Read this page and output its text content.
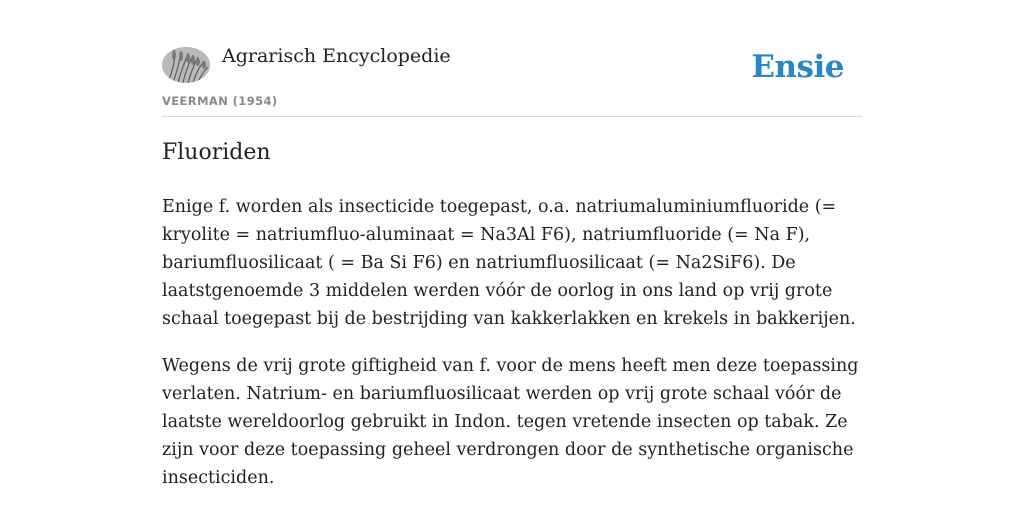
Agrarisch Encyclopedie
VEERMAN (1954)
Ensie
Fluoriden

Enige f. worden als insecticide toegepast, o.a. natriumaluminiumfluoride (= kryolite = natriumfluo-aluminaat = Na3Al F6), natriumfluoride (= Na F), bariumfluosilicaat ( = Ba Si F6) en natriumfluosilicaat (= Na2SiF6). De laatstgenoemde 3 middelen werden vóór de oorlog in ons land op vrij grote schaal toegepast bij de bestrijding van kakkerlakken en krekels in bakkerijen.

Wegens de vrij grote giftigheid van f. voor de mens heeft men deze toepassing verlaten. Natrium- en bariumfluosilicaat werden op vrij grote schaal vóór de laatste wereldoorlog gebruikt in Indon. tegen vretende insecten op tabak. Ze zijn voor deze toepassing geheel verdrongen door de synthetische organische insecticiden.
